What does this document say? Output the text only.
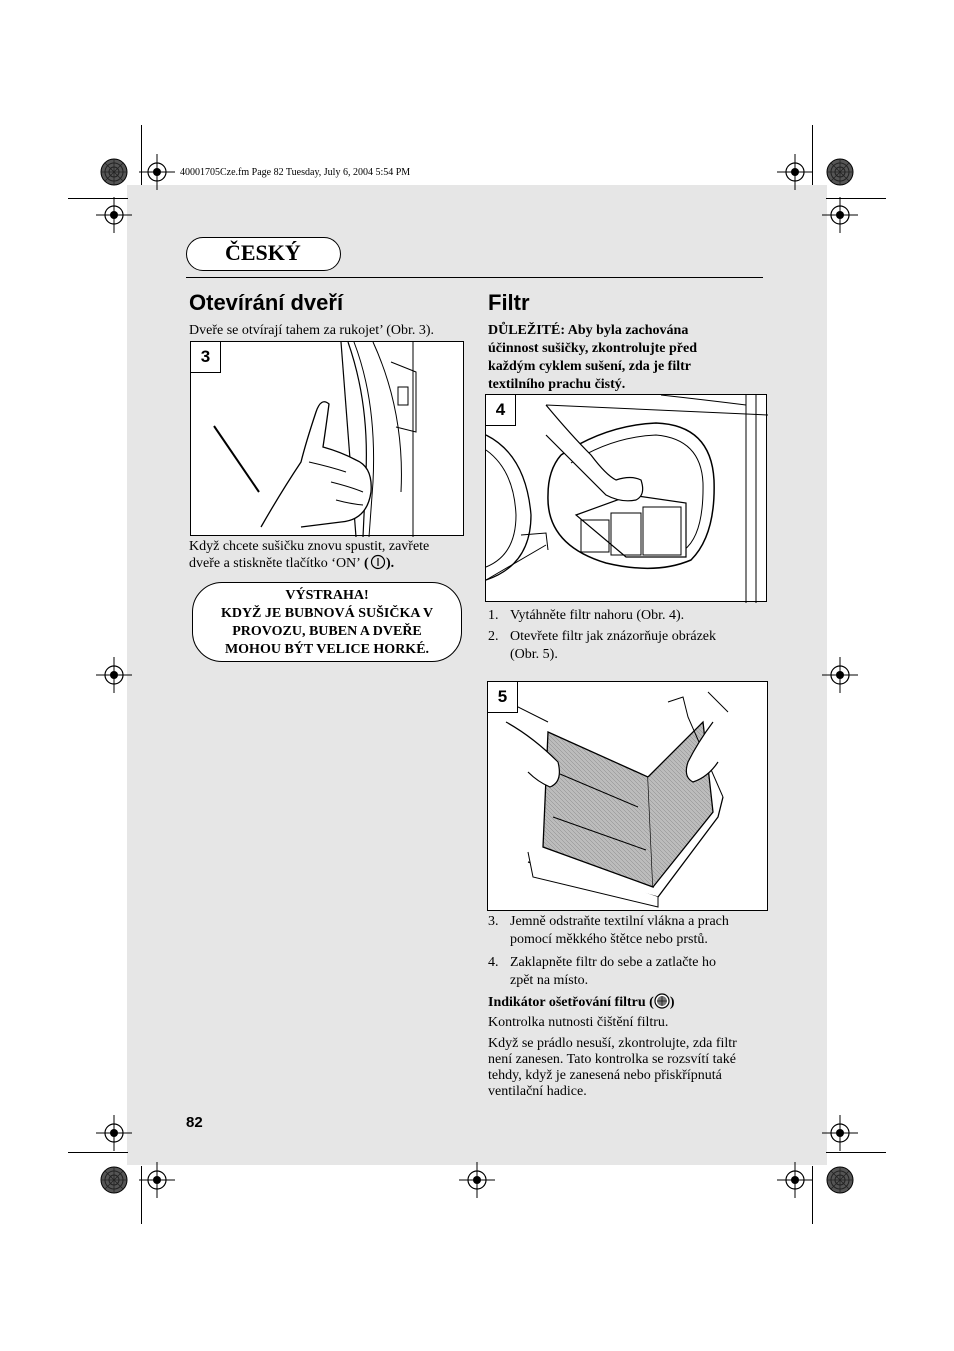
40001705Cze.fm Page 82 Tuesday, July 6, 2004 5:54 PM
ČESKÝ
Otevírání dveří
Dveře se otvírají tahem za rukojet’ (Obr. 3).
3
Když chcete sušičku znovu spustit, zavřete
dveře a stiskněte tlačítko ‘ON’ ( ).
VÝSTRAHA!
KDYŽ JE BUBNOVÁ SUŠIČKA V
PROVOZU, BUBEN A DVEŘE
MOHOU BÝT VELICE HORKÉ.
Filtr
DŮLEŽITÉ: Aby byla zachována
účinnost sušičky, zkontrolujte před
každým cyklem sušení, zda je filtr
textilního prachu čistý.
4
1. Vytáhněte filtr nahoru (Obr. 4).
2. Otevřete filtr jak znázorňuje obrázek
(Obr. 5).
5
3. Jemně odstraňte textilní vlákna a prach
pomocí měkkého štětce nebo prstů.
4. Zaklapněte filtr do sebe a zatlačte ho
zpět na místo.
Indikátor ošetřování filtru ( )
Kontrolka nutnosti čištění filtru.
Když se prádlo nesuší, zkontrolujte, zda filtr
není zanesen. Tato kontrolka se rozsvítí také
tehdy, když je zanesená nebo přiskřípnutá
ventilační hadice.
82
